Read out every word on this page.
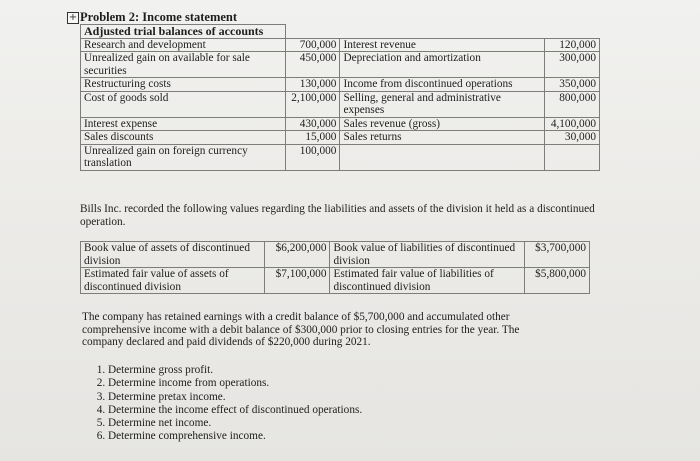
+ Problem 2: Income statement
Adjusted trial balances of accounts			
Research and development	700,000	Interest revenue	120,000
Unrealized gain on available for sale securities	450,000	Depreciation and amortization	300,000
Restructuring costs	130,000	Income from discontinued operations	350,000
Cost of goods sold	2,100,000	Selling, general and administrative expenses	800,000
Interest expense	430,000	Sales revenue (gross)	4,100,000
Sales discounts	15,000	Sales returns	30,000
Unrealized gain on foreign currency translation	100,000		
Bills Inc. recorded the following values regarding the liabilities and assets of the division it held as a discontinued operation.
Book value of assets of discontinued division	$6,200,000	Book value of liabilities of discontinued division	$3,700,000
Estimated fair value of assets of discontinued division	$7,100,000	Estimated fair value of liabilities of discontinued division	$5,800,000
The company has retained earnings with a credit balance of $5,700,000 and accumulated other comprehensive income with a debit balance of $300,000 prior to closing entries for the year. The company declared and paid dividends of $220,000 during 2021.
1. Determine gross profit.
2. Determine income from operations.
3. Determine pretax income.
4. Determine the income effect of discontinued operations.
5. Determine net income.
6. Determine comprehensive income.
